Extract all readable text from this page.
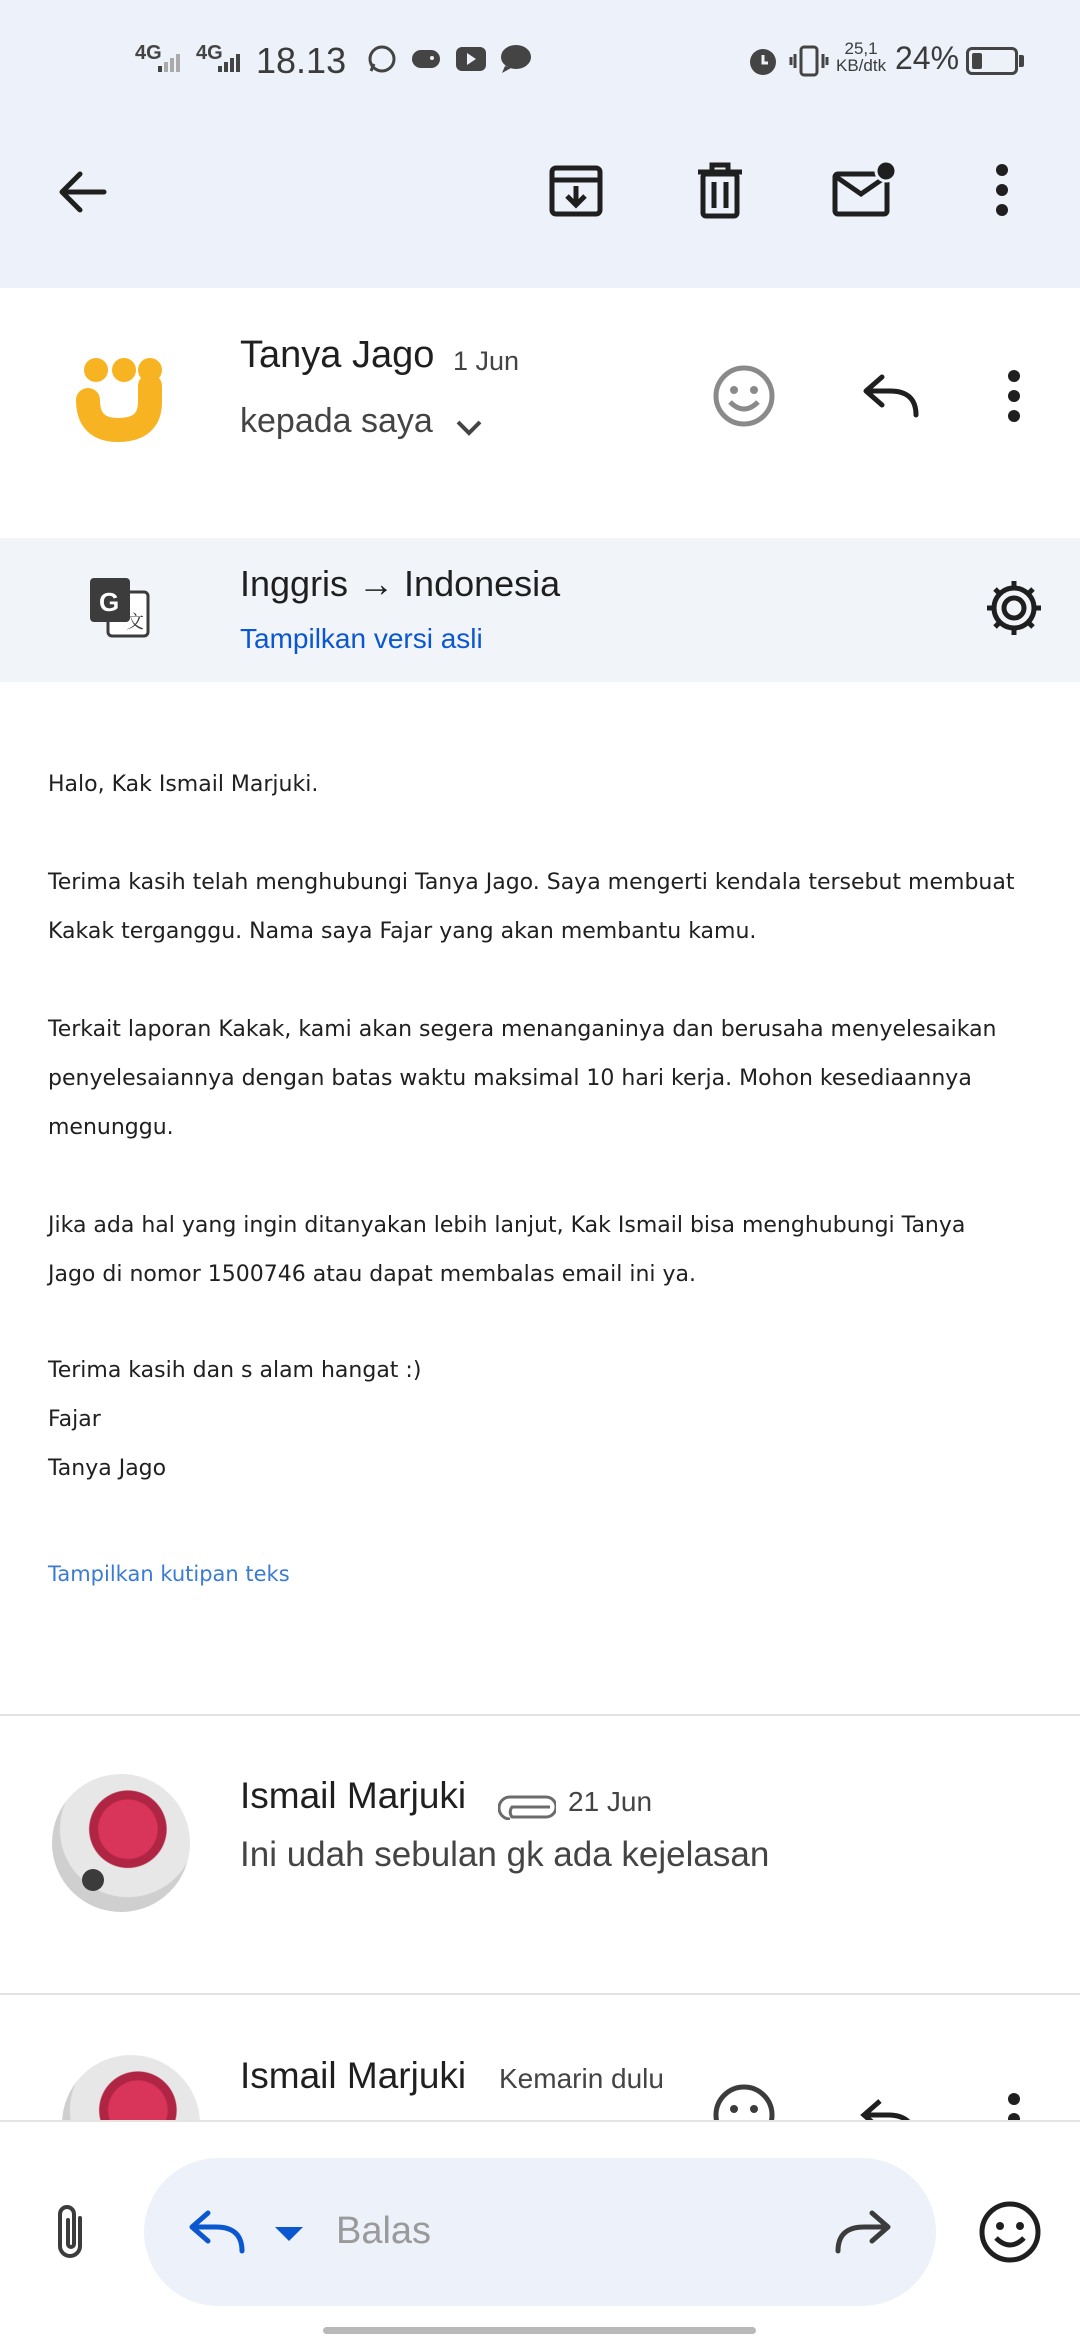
4G 4G 18.13	25,1
KB/dtk 24%
Tanya Jago 1 Jun
kepada saya
G
文
Inggris → Indonesia
Tampilkan versi asli
Halo, Kak Ismail Marjuki.
Terima kasih telah menghubungi Tanya Jago. Saya mengerti kendala tersebut membuat
Kakak terganggu. Nama saya Fajar yang akan membantu kamu.
Terkait laporan Kakak, kami akan segera menanganinya dan berusaha menyelesaikan
penyelesaiannya dengan batas waktu maksimal 10 hari kerja. Mohon kesediaannya
menunggu.
Jika ada hal yang ingin ditanyakan lebih lanjut, Kak Ismail bisa menghubungi Tanya
Jago di nomor 1500746 atau dapat membalas email ini ya.
Terima kasih dan s alam hangat :)
Fajar
Tanya Jago
Tampilkan kutipan teks
Ismail Marjuki	21 Jun
Ini udah sebulan gk ada kejelasan
Ismail Marjuki Kemarin dulu
Balas
